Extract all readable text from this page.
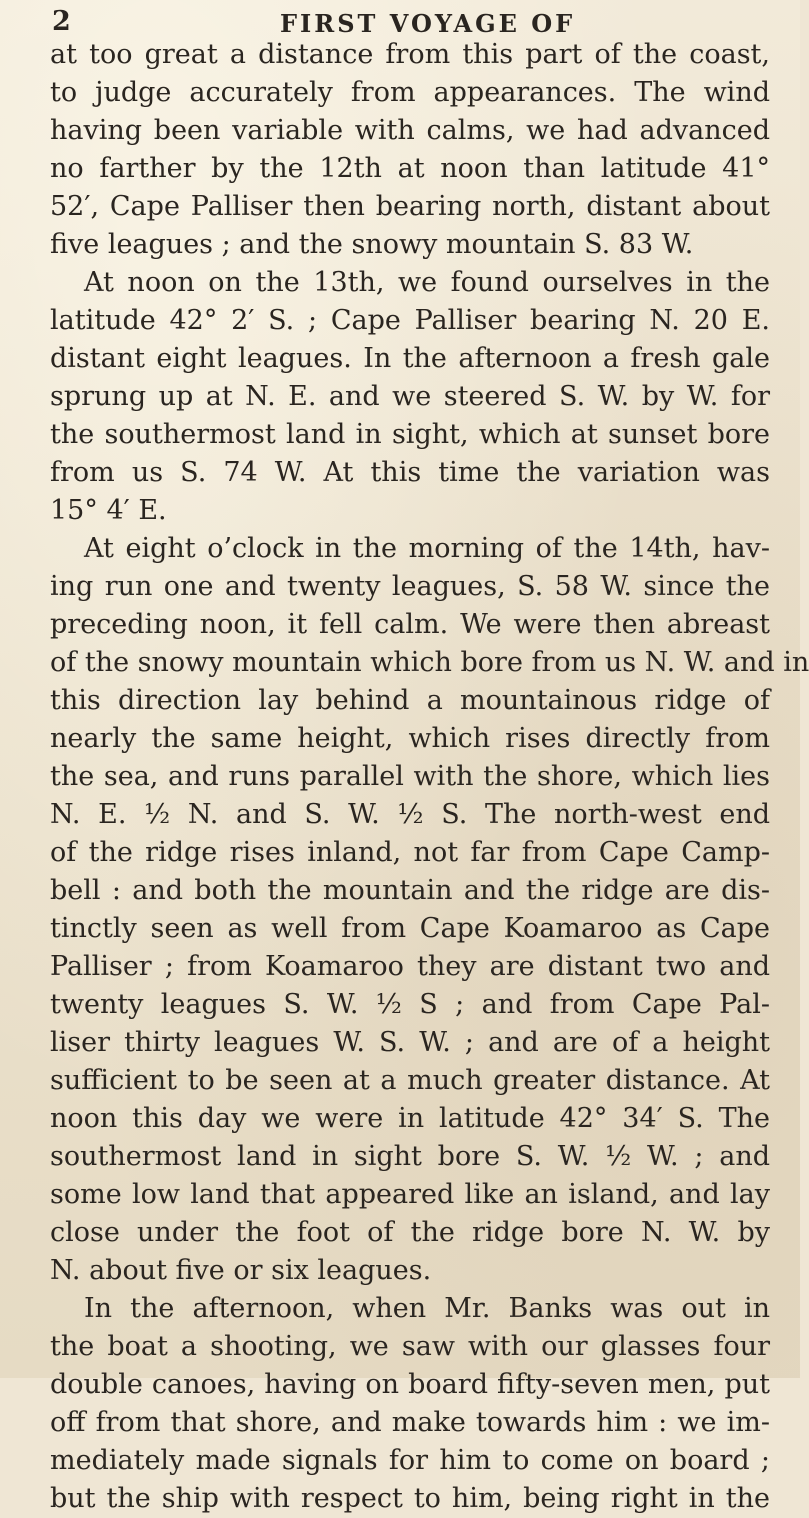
2	FIRST VOYAGE OF
at too great a distance from this part of the coast,
to judge accurately from appearances. The wind
having been variable with calms, we had advanced
no farther by the 12th at noon than latitude 41°
52′, Cape Palliser then bearing north, distant about
five leagues ; and the snowy mountain S. 83 W.
At noon on the 13th, we found ourselves in the
latitude 42° 2′ S. ; Cape Palliser bearing N. 20 E.
distant eight leagues. In the afternoon a fresh gale
sprung up at N. E. and we steered S. W. by W. for
the southermost land in sight, which at sunset bore
from us S. 74 W. At this time the variation was
15° 4′ E.
At eight o’clock in the morning of the 14th, hav-
ing run one and twenty leagues, S. 58 W. since the
preceding noon, it fell calm. We were then abreast
of the snowy mountain which bore from us N. W. and in
this direction lay behind a mountainous ridge of
nearly the same height, which rises directly from
the sea, and runs parallel with the shore, which lies
N. E. ½ N. and S. W. ½ S. The north-west end
of the ridge rises inland, not far from Cape Camp-
bell : and both the mountain and the ridge are dis-
tinctly seen as well from Cape Koamaroo as Cape
Palliser ; from Koamaroo they are distant two and
twenty leagues S. W. ½ S ; and from Cape Pal-
liser thirty leagues W. S. W. ; and are of a height
sufficient to be seen at a much greater distance. At
noon this day we were in latitude 42° 34′ S. The
southermost land in sight bore S. W. ½ W. ; and
some low land that appeared like an island, and lay
close under the foot of the ridge bore N. W. by
N. about five or six leagues.
In the afternoon, when Mr. Banks was out in
the boat a shooting, we saw with our glasses four
double canoes, having on board fifty-seven men, put
off from that shore, and make towards him : we im-
mediately made signals for him to come on board ;
but the ship with respect to him, being right in the
